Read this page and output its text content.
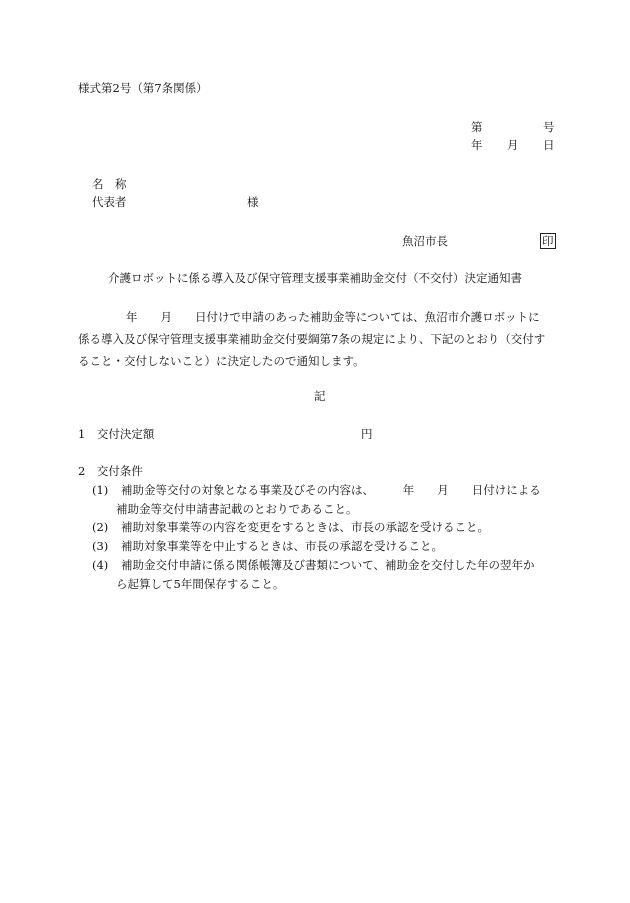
様式第2号（第7条関係）
第	号
年 月 日
名　称
代表者	様
魚沼市長	印
介護ロボットに係る導入及び保守管理支援事業補助金交付（不交付）決定通知書
年　　月　　日付けで申請のあった補助金等については、魚沼市介護ロボットに
係る導入及び保守管理支援事業補助金交付要綱第7条の規定により、下記のとおり（交付す
ること・交付しないこと）に決定したので通知します。
記
1　交付決定額	円
2　交付条件
(1) 補助金等交付の対象となる事業及びその内容は、　　　年　　月　　日付けによる
補助金等交付申請書記載のとおりであること。
(2) 補助対象事業等の内容を変更をするときは、市長の承認を受けること。
(3) 補助対象事業等を中止するときは、市長の承認を受けること。
(4) 補助金交付申請に係る関係帳簿及び書類について、補助金を交付した年の翌年か
ら起算して5年間保存すること。
